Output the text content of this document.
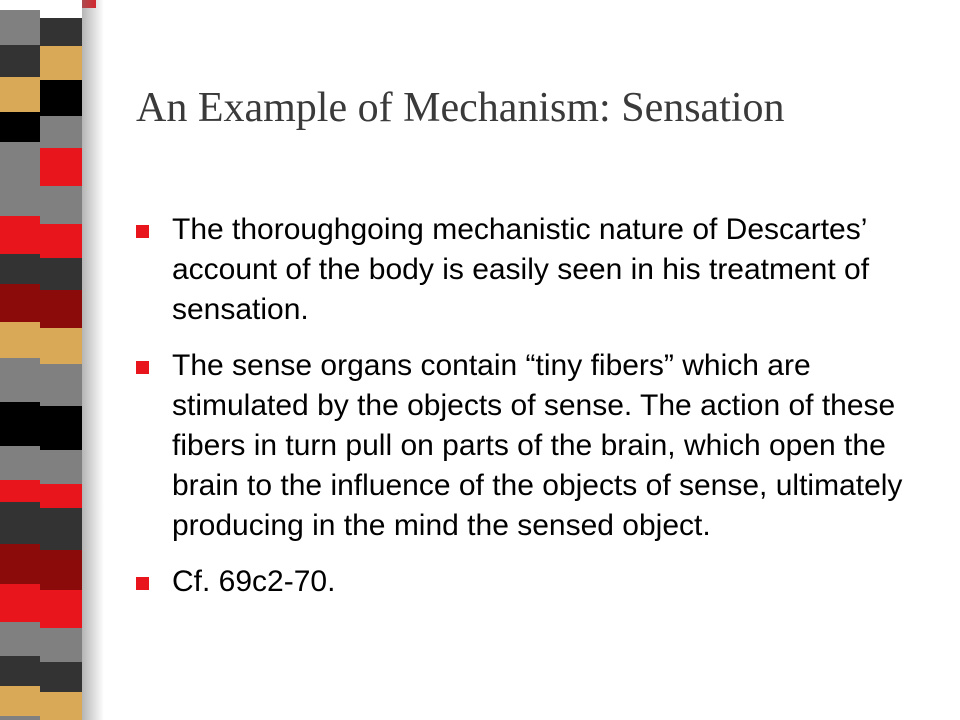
An Example of Mechanism: Sensation
The thoroughgoing mechanistic nature of Descartes’ account of the body is easily seen in his treatment of sensation.
The sense organs contain “tiny fibers” which are stimulated by the objects of sense. The action of these fibers in turn pull on parts of the brain, which open the brain to the influence of the objects of sense, ultimately producing in the mind the sensed object.
Cf. 69c2-70.
